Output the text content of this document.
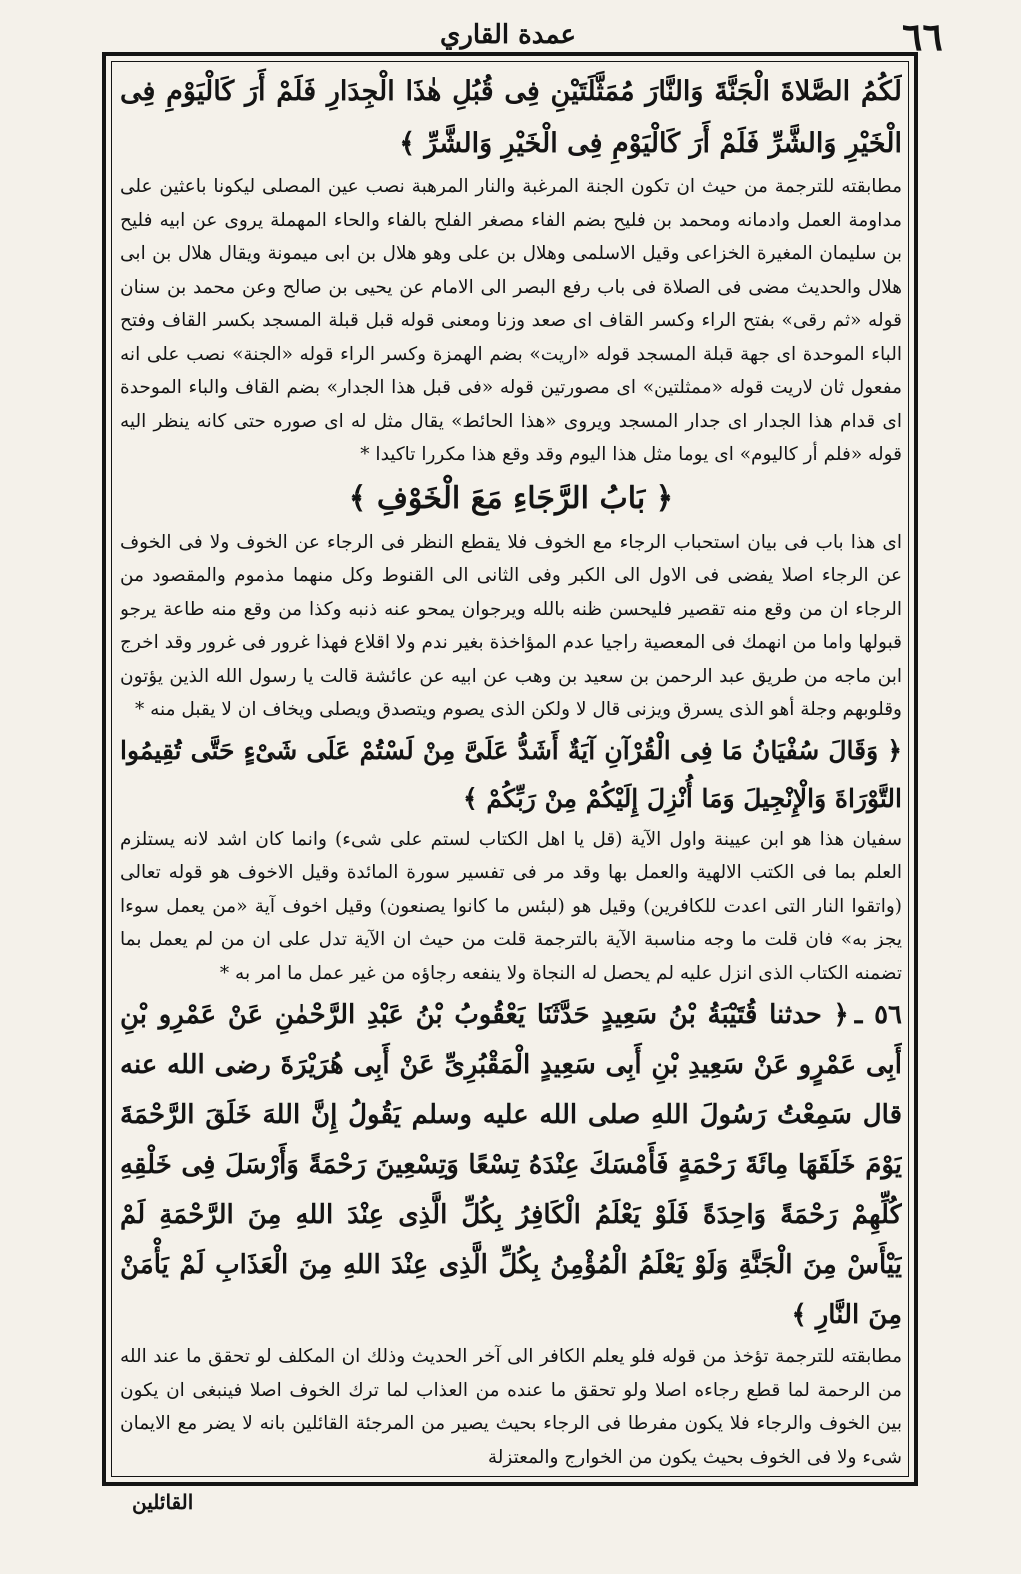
عمدة القاري	٦٦

لَكُمُ الصَّلاةَ الْجَنَّةَ وَالنَّارَ مُمَثَّلَتَيْنِ فِى قُبُلِ هٰذَا الْجِدَارِ فَلَمْ أَرَ كَالْيَوْمِ فِى الْخَيْرِ وَالشَّرِّ فَلَمْ أَرَ كَالْيَوْمِ فِى الْخَيْرِ وَالشَّرِّ ﴾

مطابقته للترجمة من حيث ان تكون الجنة المرغبة والنار المرهبة نصب عين المصلى ليكونا باعثين على مداومة العمل وادمانه ومحمد بن فليح بضم الفاء مصغر الفلح بالفاء والحاء المهملة يروى عن ابيه فليح بن سليمان المغيرة الخزاعى وقيل الاسلمى وهلال بن على وهو هلال بن ابى ميمونة ويقال هلال بن ابى هلال والحديث مضى فى الصلاة فى باب رفع البصر الى الامام عن يحيى بن صالح وعن محمد بن سنان قوله «ثم رقى» بفتح الراء وكسر القاف اى صعد وزنا ومعنى قوله قبل قبلة المسجد بكسر القاف وفتح الباء الموحدة اى جهة قبلة المسجد قوله «اريت» بضم الهمزة وكسر الراء قوله «الجنة» نصب على انه مفعول ثان لاريت قوله «ممثلتين» اى مصورتين قوله «فى قبل هذا الجدار» بضم القاف والباء الموحدة اى قدام هذا الجدار اى جدار المسجد ويروى «هذا الحائط» يقال مثل له اى صوره حتى كانه ينظر اليه قوله «فلم أر كاليوم» اى يوما مثل هذا اليوم وقد وقع هذا مكررا تاكيدا *

﴿ بَابُ الرَّجَاءِ مَعَ الْخَوْفِ ﴾

اى هذا باب فى بيان استحباب الرجاء مع الخوف فلا يقطع النظر فى الرجاء عن الخوف ولا فى الخوف عن الرجاء اصلا يفضى فى الاول الى الكبر وفى الثانى الى القنوط وكل منهما مذموم والمقصود من الرجاء ان من وقع منه تقصير فليحسن ظنه بالله ويرجوان يمحو عنه ذنبه وكذا من وقع منه طاعة يرجو قبولها واما من انهمك فى المعصية راجيا عدم المؤاخذة بغير ندم ولا اقلاع فهذا غرور فى غرور وقد اخرج ابن ماجه من طريق عبد الرحمن بن سعيد بن وهب عن ابيه عن عائشة قالت يا رسول الله الذين يؤتون وقلوبهم وجلة أهو الذى يسرق ويزنى قال لا ولكن الذى يصوم ويتصدق ويصلى ويخاف ان لا يقبل منه *

﴿ وَقَالَ سُفْيَانُ مَا فِى الْقُرْآنِ آيَةٌ أَشَدُّ عَلَىَّ مِنْ لَسْتُمْ عَلَى شَىْءٍ حَتَّى تُقِيمُوا التَّوْرَاةَ وَالْإِنْجِيلَ وَمَا أُنْزِلَ إِلَيْكُمْ مِنْ رَبِّكُمْ ﴾

سفيان هذا هو ابن عيينة واول الآية (قل يا اهل الكتاب لستم على شىء) وانما كان اشد لانه يستلزم العلم بما فى الكتب الالهية والعمل بها وقد مر فى تفسير سورة المائدة وقيل الاخوف هو قوله تعالى (واتقوا النار التى اعدت للكافرين) وقيل هو (لبئس ما كانوا يصنعون) وقيل اخوف آية «من يعمل سوءا يجز به» فان قلت ما وجه مناسبة الآية بالترجمة قلت من حيث ان الآية تدل على ان من لم يعمل بما تضمنه الكتاب الذى انزل عليه لم يحصل له النجاة ولا ينفعه رجاؤه من غير عمل ما امر به *

٥٦ ـ﴿ حدثنا قُتَيْبَةُ بْنُ سَعِيدٍ حَدَّثَنَا يَعْقُوبُ بْنُ عَبْدِ الرَّحْمٰنِ عَنْ عَمْرِو بْنِ أَبِى عَمْرٍو عَنْ سَعِيدِ بْنِ أَبِى سَعِيدٍ الْمَقْبُرِىِّ عَنْ أَبِى هُرَيْرَةَ رضى الله عنه قال سَمِعْتُ رَسُولَ اللهِ صلى الله عليه وسلم يَقُولُ إِنَّ اللهَ خَلَقَ الرَّحْمَةَ يَوْمَ خَلَقَهَا مِائَةَ رَحْمَةٍ فَأَمْسَكَ عِنْدَهُ تِسْعًا وَتِسْعِينَ رَحْمَةً وَأَرْسَلَ فِى خَلْقِهِ كُلِّهِمْ رَحْمَةً وَاحِدَةً فَلَوْ يَعْلَمُ الْكَافِرُ بِكُلِّ الَّذِى عِنْدَ اللهِ مِنَ الرَّحْمَةِ لَمْ يَيْأَسْ مِنَ الْجَنَّةِ وَلَوْ يَعْلَمُ الْمُؤْمِنُ بِكُلِّ الَّذِى عِنْدَ اللهِ مِنَ الْعَذَابِ لَمْ يَأْمَنْ مِنَ النَّارِ ﴾

مطابقته للترجمة تؤخذ من قوله فلو يعلم الكافر الى آخر الحديث وذلك ان المكلف لو تحقق ما عند الله من الرحمة لما قطع رجاءه اصلا ولو تحقق ما عنده من العذاب لما ترك الخوف اصلا فينبغى ان يكون بين الخوف والرجاء فلا يكون مفرطا فى الرجاء بحيث يصير من المرجئة القائلين بانه لا يضر مع الايمان شىء ولا فى الخوف بحيث يكون من الخوارج والمعتزلة

القائلين
